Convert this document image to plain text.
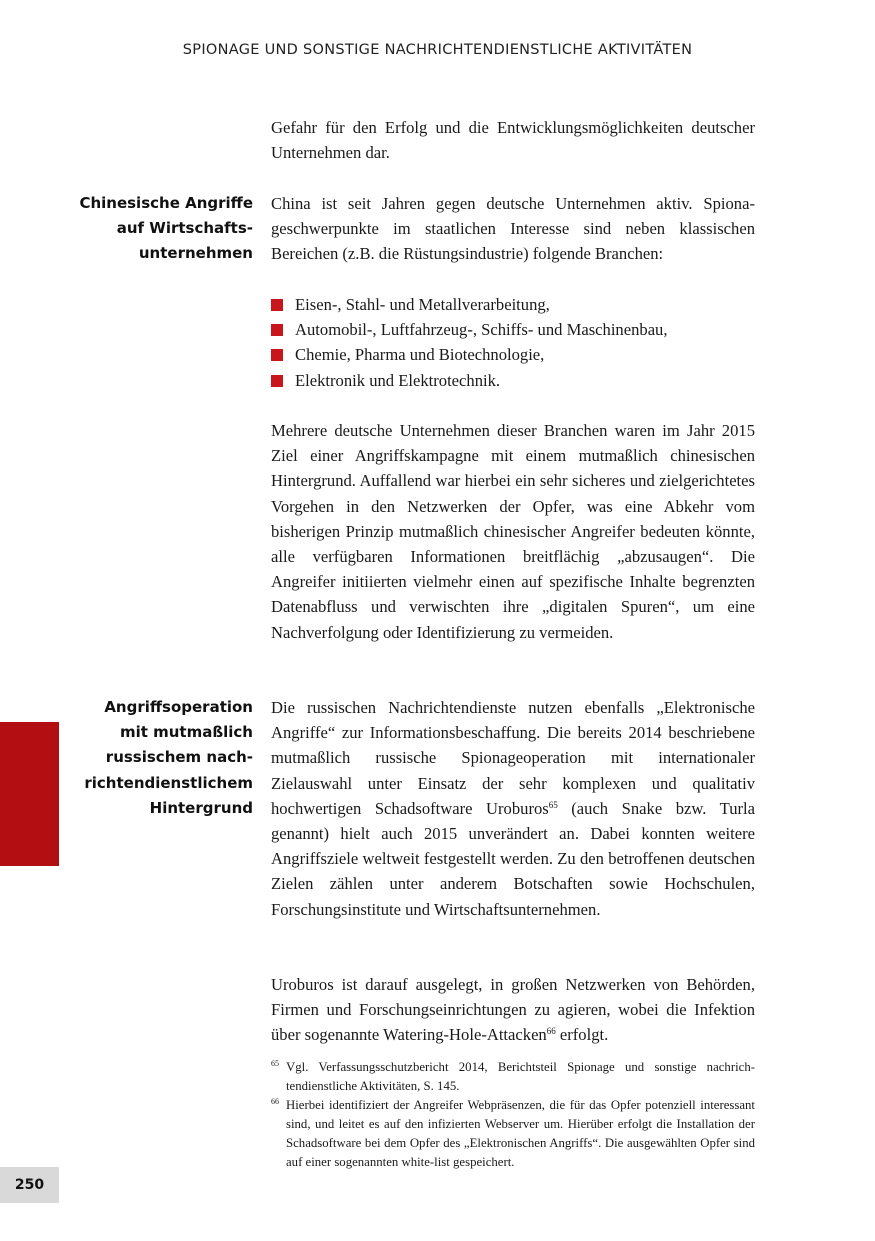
SPIONAGE UND SONSTIGE NACHRICHTENDIENSTLICHE AKTIVITÄTEN
250

Gefahr für den Erfolg und die Entwicklungsmöglichkeiten deutscher Unternehmen dar.

Chinesische Angriffe
auf Wirtschafts-
unternehmen

China ist seit Jahren gegen deutsche Unternehmen aktiv. Spionageschwerpunkte im staatlichen Interesse sind neben klassischen Bereichen (z.B. die Rüstungsindustrie) folgende Branchen:

Eisen-, Stahl- und Metallverarbeitung,
Automobil-, Luftfahrzeug-, Schiffs- und Maschinenbau,
Chemie, Pharma und Biotechnologie,
Elektronik und Elektrotechnik.

Mehrere deutsche Unternehmen dieser Branchen waren im Jahr 2015 Ziel einer Angriffskampagne mit einem mutmaßlich chinesischen Hintergrund. Auffallend war hierbei ein sehr sicheres und zielgerichtetes Vorgehen in den Netzwerken der Opfer, was eine Abkehr vom bisherigen Prinzip mutmaßlich chinesischer Angreifer bedeuten könnte, alle verfügbaren Informationen breitflächig „abzusaugen“. Die Angreifer initiierten vielmehr einen auf spezifische Inhalte begrenzten Datenabfluss und verwischten ihre „digitalen Spuren“, um eine Nachverfolgung oder Identifizierung zu vermeiden.

Angriffsoperation
mit mutmaßlich
russischem nach-
richtendienstlichem
Hintergrund

Die russischen Nachrichtendienste nutzen ebenfalls „Elektronische Angriffe“ zur Informationsbeschaffung. Die bereits 2014 beschriebene mutmaßlich russische Spionageoperation mit internationaler Zielauswahl unter Einsatz der sehr komplexen und qualitativ hochwertigen Schadsoftware Uroburos$^{65}$ (auch Snake bzw. Turla genannt) hielt auch 2015 unverändert an. Dabei konnten weitere Angriffsziele weltweit festgestellt werden. Zu den betroffenen deutschen Zielen zählen unter anderem Botschaften sowie Hochschulen, Forschungsinstitute und Wirtschaftsunternehmen.

Uroburos ist darauf ausgelegt, in großen Netzwerken von Behörden, Firmen und Forschungseinrichtungen zu agieren, wobei die Infektion über sogenannte Watering-Hole-Attacken$^{66}$ erfolgt.

65 Vgl. Verfassungsschutzbericht 2014, Berichtsteil Spionage und sonstige nachrichtendienstliche Aktivitäten, S. 145.
66 Hierbei identifiziert der Angreifer Webpräsenzen, die für das Opfer potenziell interessant sind, und leitet es auf den infizierten Webserver um. Hierüber erfolgt die Installation der Schadsoftware bei dem Opfer des „Elektronischen Angriffs“. Die ausgewählten Opfer sind auf einer sogenannten white-list gespeichert.
